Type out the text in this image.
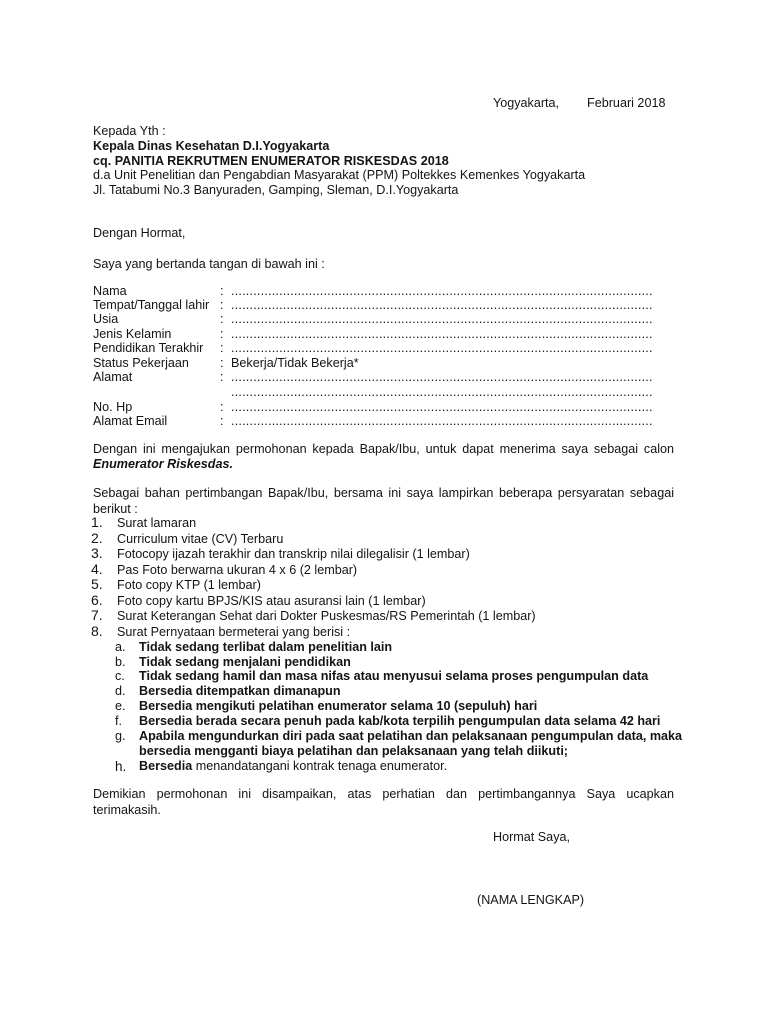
Yogyakarta,        Februari 2018
Kepada Yth :
Kepala Dinas Kesehatan D.I.Yogyakarta
cq. PANITIA REKRUTMEN ENUMERATOR RISKESDAS 2018
d.a Unit Penelitian dan Pengabdian Masyarakat (PPM) Poltekkes Kemenkes Yogyakarta
Jl. Tatabumi No.3 Banyuraden, Gamping, Sleman, D.I.Yogyakarta
Dengan Hormat,
Saya yang bertanda tangan di bawah ini :
Nama	: ..................................................................................................................
Tempat/Tanggal lahir : ..................................................................................................................
Usia	: ..................................................................................................................
Jenis Kelamin	: ..................................................................................................................
Pendidikan Terakhir : ..................................................................................................................
Status Pekerjaan : Bekerja/Tidak Bekerja*
Alamat	: ..................................................................................................................
..................................................................................................................
No. Hp	: ..................................................................................................................
Alamat Email	: ..................................................................................................................
Dengan ini mengajukan permohonan kepada Bapak/Ibu, untuk dapat menerima saya sebagai calon
Enumerator Riskesdas.
Sebagai bahan pertimbangan Bapak/Ibu, bersama ini saya lampirkan beberapa persyaratan sebagai berikut :
1. Surat lamaran
2. Curriculum vitae (CV) Terbaru
3. Fotocopy ijazah terakhir dan transkrip nilai dilegalisir (1 lembar)
4. Pas Foto berwarna ukuran 4 x 6 (2 lembar)
5. Foto copy KTP (1 lembar)
6. Foto copy kartu BPJS/KIS atau asuransi lain (1 lembar)
7. Surat Keterangan Sehat dari Dokter Puskesmas/RS Pemerintah (1 lembar)
8. Surat Pernyataan bermeterai yang berisi :
a. Tidak sedang terlibat dalam penelitian lain
b. Tidak sedang menjalani pendidikan
c. Tidak sedang hamil dan masa nifas atau menyusui selama proses pengumpulan data
d. Bersedia ditempatkan dimanapun
e. Bersedia mengikuti pelatihan enumerator selama 10 (sepuluh) hari
f. Bersedia berada secara penuh pada kab/kota terpilih pengumpulan data selama 42 hari
g. Apabila mengundurkan diri pada saat pelatihan dan pelaksanaan pengumpulan data, maka
bersedia mengganti biaya pelatihan dan pelaksanaan yang telah diikuti;
h. Bersedia menandatangani kontrak tenaga enumerator.
Demikian permohonan ini disampaikan, atas perhatian dan pertimbangannya Saya ucapkan terimakasih.
Hormat Saya,
(NAMA LENGKAP)
